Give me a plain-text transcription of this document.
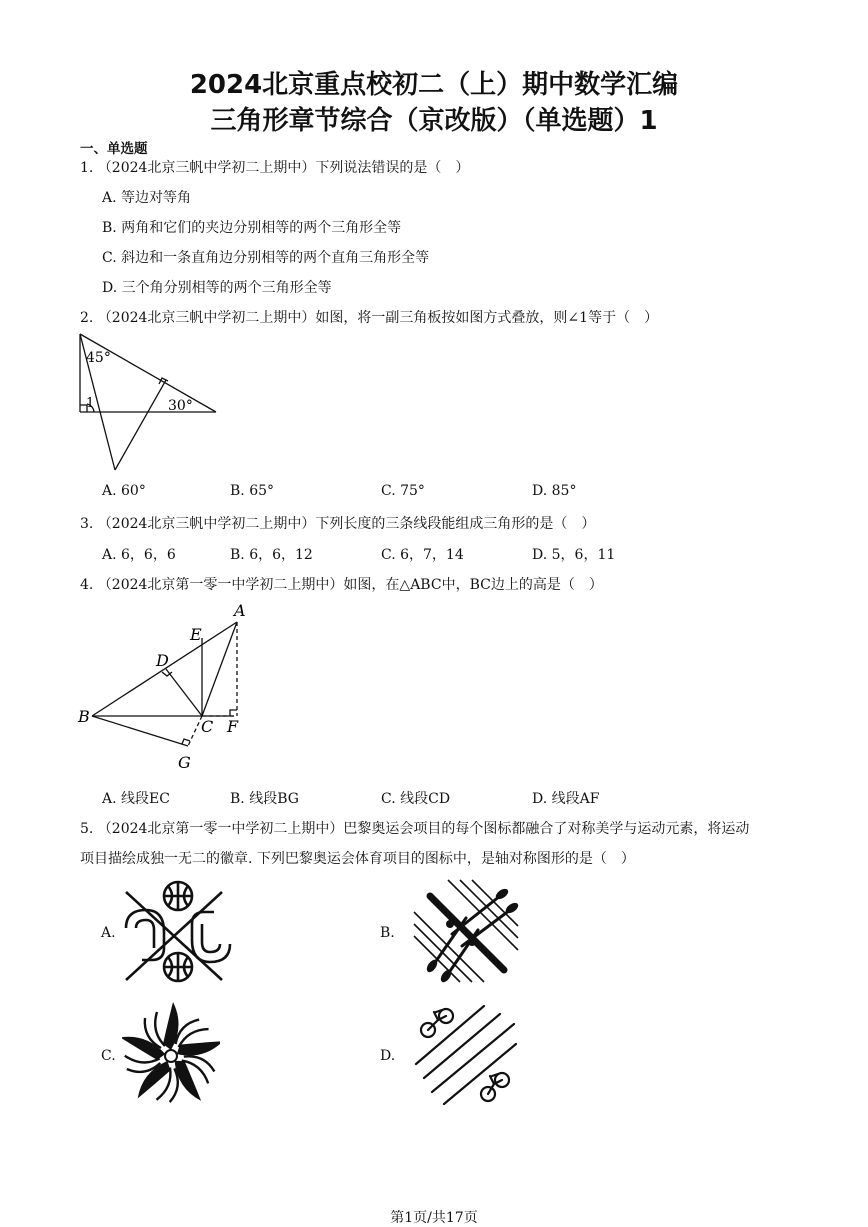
2024北京重点校初二（上）期中数学汇编
三角形章节综合（京改版）（单选题）1
一、单选题
1. （2024北京三帆中学初二上期中）下列说法错误的是（　）
A. 等边对等角
B. 两角和它们的夹边分别相等的两个三角形全等
C. 斜边和一条直角边分别相等的两个直角三角形全等
D. 三个角分别相等的两个三角形全等
2. （2024北京三帆中学初二上期中）如图，将一副三角板按如图方式叠放，则∠1等于（　）
45°
30°
1
A. 60°	B. 65°	C. 75°	D. 85°
3. （2024北京三帆中学初二上期中）下列长度的三条线段能组成三角形的是（　）
A. 6，6，6	B. 6，6，12	C. 6，7，14	D. 5，6，11
4. （2024北京第一零一中学初二上期中）如图，在△ABC中，BC边上的高是（　）
A
E
D
B
C F
G
A. 线段EC	B. 线段BG	C. 线段CD	D. 线段AF
5. （2024北京第一零一中学初二上期中）巴黎奥运会项目的每个图标都融合了对称美学与运动元素，将运动
项目描绘成独一无二的徽章. 下列巴黎奥运会体育项目的图标中，是轴对称图形的是（　）
A.	B.
C.	D.
第1页/共17页
